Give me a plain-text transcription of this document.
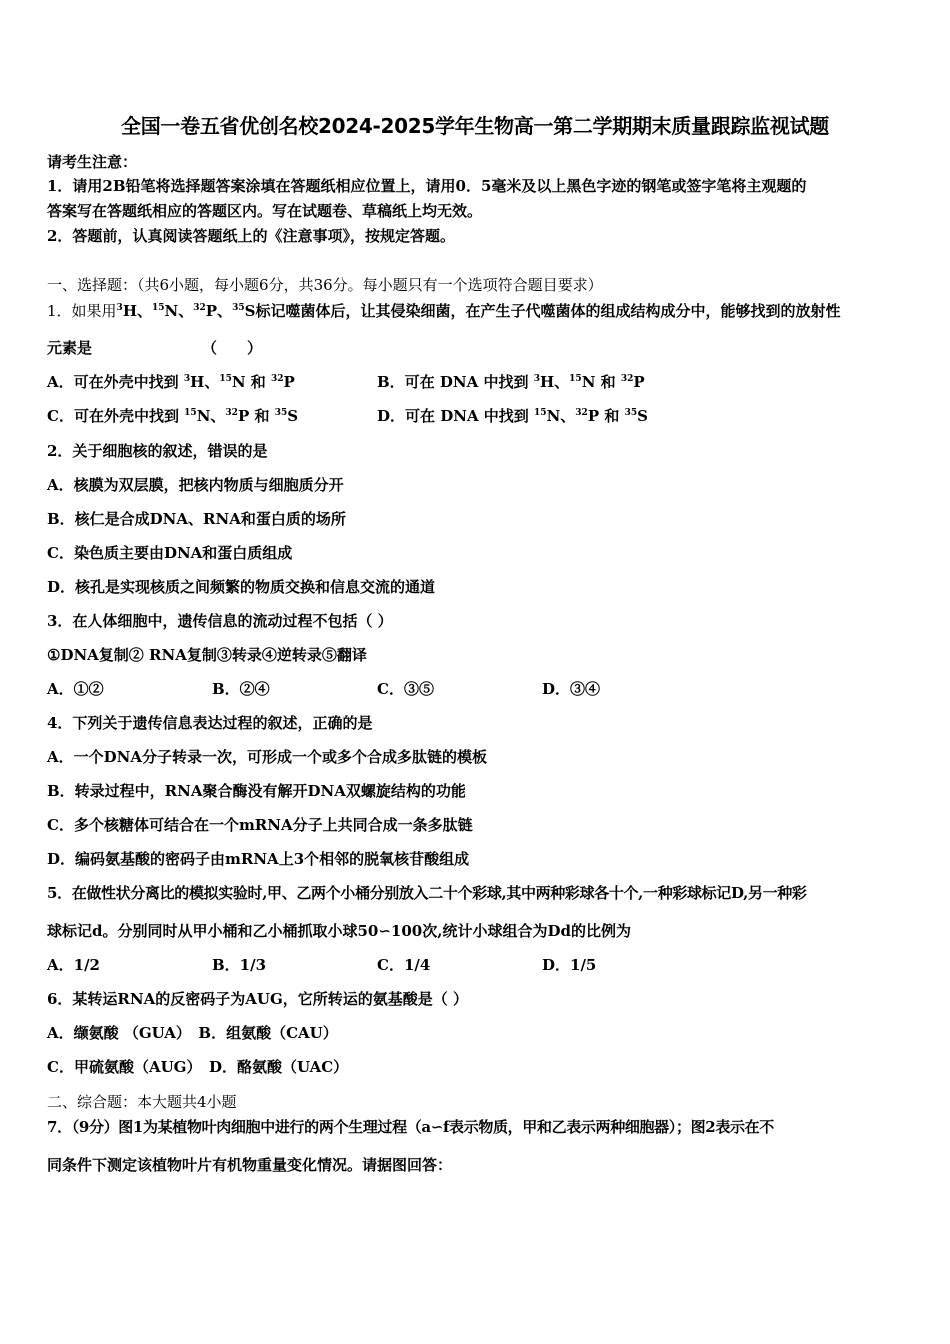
全国一卷五省优创名校2024-2025学年生物高一第二学期期末质量跟踪监视试题
请考生注意：
1．请用2B铅笔将选择题答案涂填在答题纸相应位置上，请用0．5毫米及以上黑色字迹的钢笔或签字笔将主观题的
答案写在答题纸相应的答题区内。写在试题卷、草稿纸上均无效。
2．答题前，认真阅读答题纸上的《注意事项》，按规定答题。
一、选择题：（共6小题，每小题6分，共36分。每小题只有一个选项符合题目要求）
1．如果用$^3$H、$^{15}$N、$^{32}$P、$^{35}$S标记噬菌体后，让其侵染细菌，在产生子代噬菌体的组成结构成分中，能够找到的放射性
元素是	（　　）
A．可在外壳中找到 $^3$H、$^{15}$N 和 $^{32}$P	B．可在 DNA 中找到 $^3$H、$^{15}$N 和 $^{32}$P
C．可在外壳中找到 $^{15}$N、$^{32}$P 和 $^{35}$S	D．可在 DNA 中找到 $^{15}$N、$^{32}$P 和 $^{35}$S
2．关于细胞核的叙述，错误的是
A．核膜为双层膜，把核内物质与细胞质分开
B．核仁是合成DNA、RNA和蛋白质的场所
C．染色质主要由DNA和蛋白质组成
D．核孔是实现核质之间频繁的物质交换和信息交流的通道
3．在人体细胞中，遗传信息的流动过程不包括（ ）
①DNA复制② RNA复制③转录④逆转录⑤翻译
A．①②	B．②④	C．③⑤	D．③④
4．下列关于遗传信息表达过程的叙述，正确的是
A．一个DNA分子转录一次，可形成一个或多个合成多肽链的模板
B．转录过程中，RNA聚合酶没有解开DNA双螺旋结构的功能
C．多个核糖体可结合在一个mRNA分子上共同合成一条多肽链
D．编码氨基酸的密码子由mRNA上3个相邻的脱氧核苷酸组成
5．在做性状分离比的模拟实验时,甲、乙两个小桶分别放入二十个彩球,其中两种彩球各十个,一种彩球标记D,另一种彩
球标记d。分别同时从甲小桶和乙小桶抓取小球50∽100次,统计小球组合为Dd的比例为
A．1/2	B．1/3	C．1/4	D．1/5
6．某转运RNA的反密码子为AUG，它所转运的氨基酸是（ ）
A．缬氨酸 （GUA）　B．组氨酸（CAU）
C．甲硫氨酸（AUG）　D．酪氨酸（UAC）
二、综合题：本大题共4小题
7．（9分）图1为某植物叶肉细胞中进行的两个生理过程（a∽f表示物质，甲和乙表示两种细胞器）；图2表示在不
同条件下测定该植物叶片有机物重量变化情况。请据图回答：
